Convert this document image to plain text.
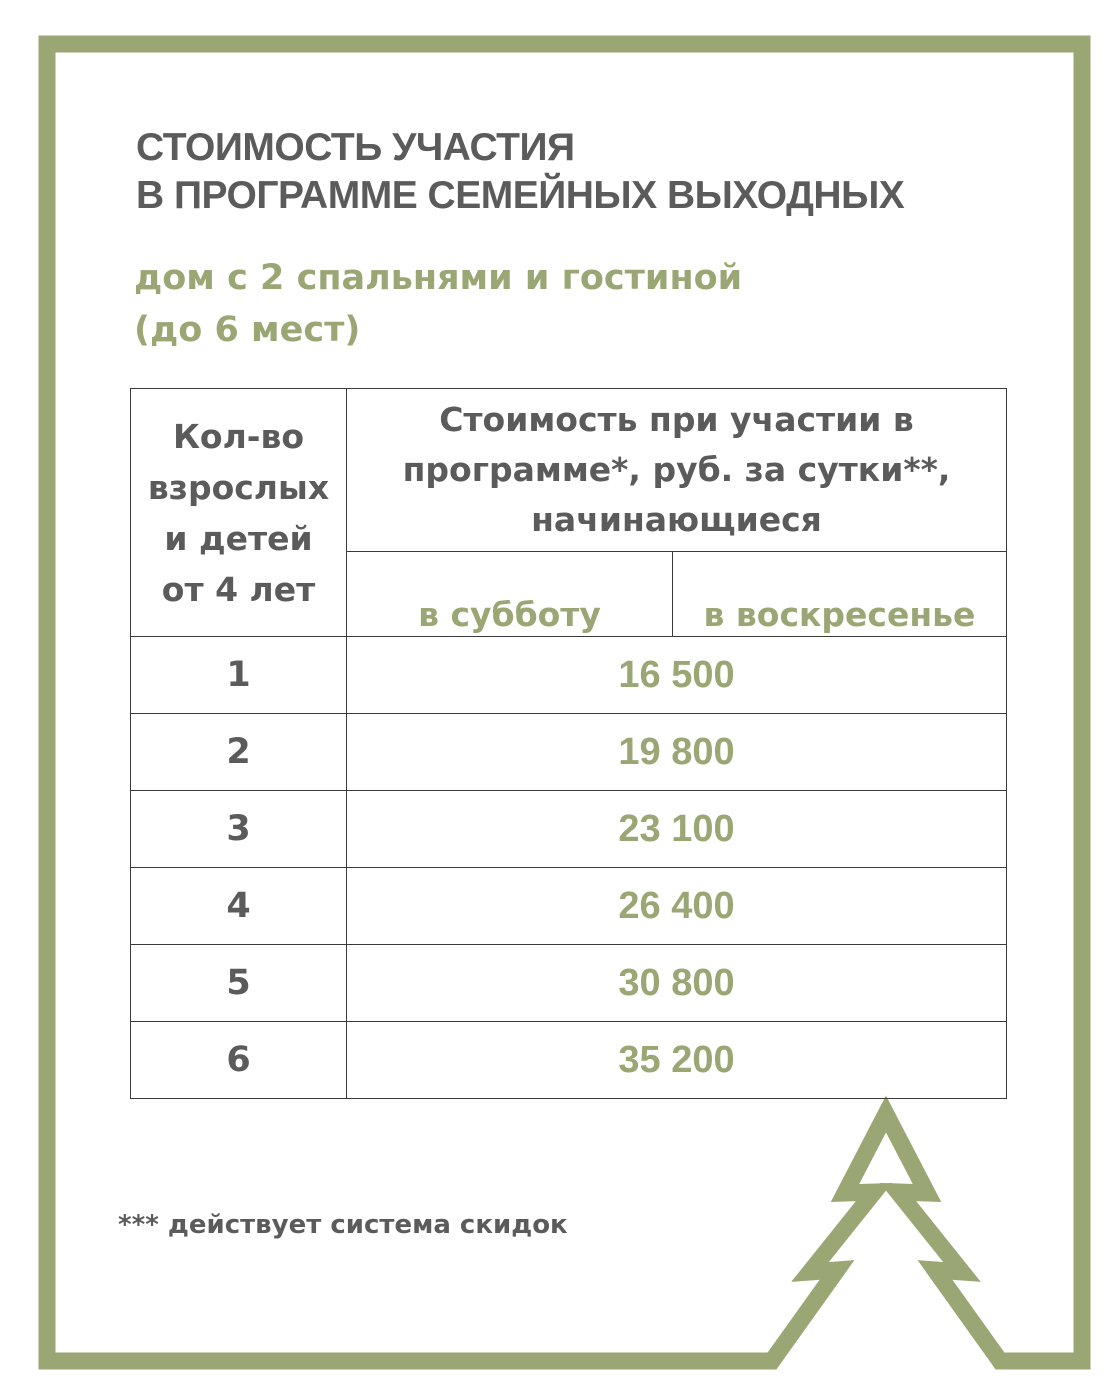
СТОИМОСТЬ УЧАСТИЯ
В ПРОГРАММЕ СЕМЕЙНЫХ ВЫХОДНЫХ
дом с 2 спальнями и гостиной
(до 6 мест)
Кол-во
взрослых
и детей
от 4 лет	Стоимость при участии в
программе*, руб. за сутки**,
начинающиеся	

	в субботу	в воскресенье
1	16 500	
2	19 800	
3	23 100	
4	26 400	
5	30 800	
6	35 200	

*** действует система скидок
